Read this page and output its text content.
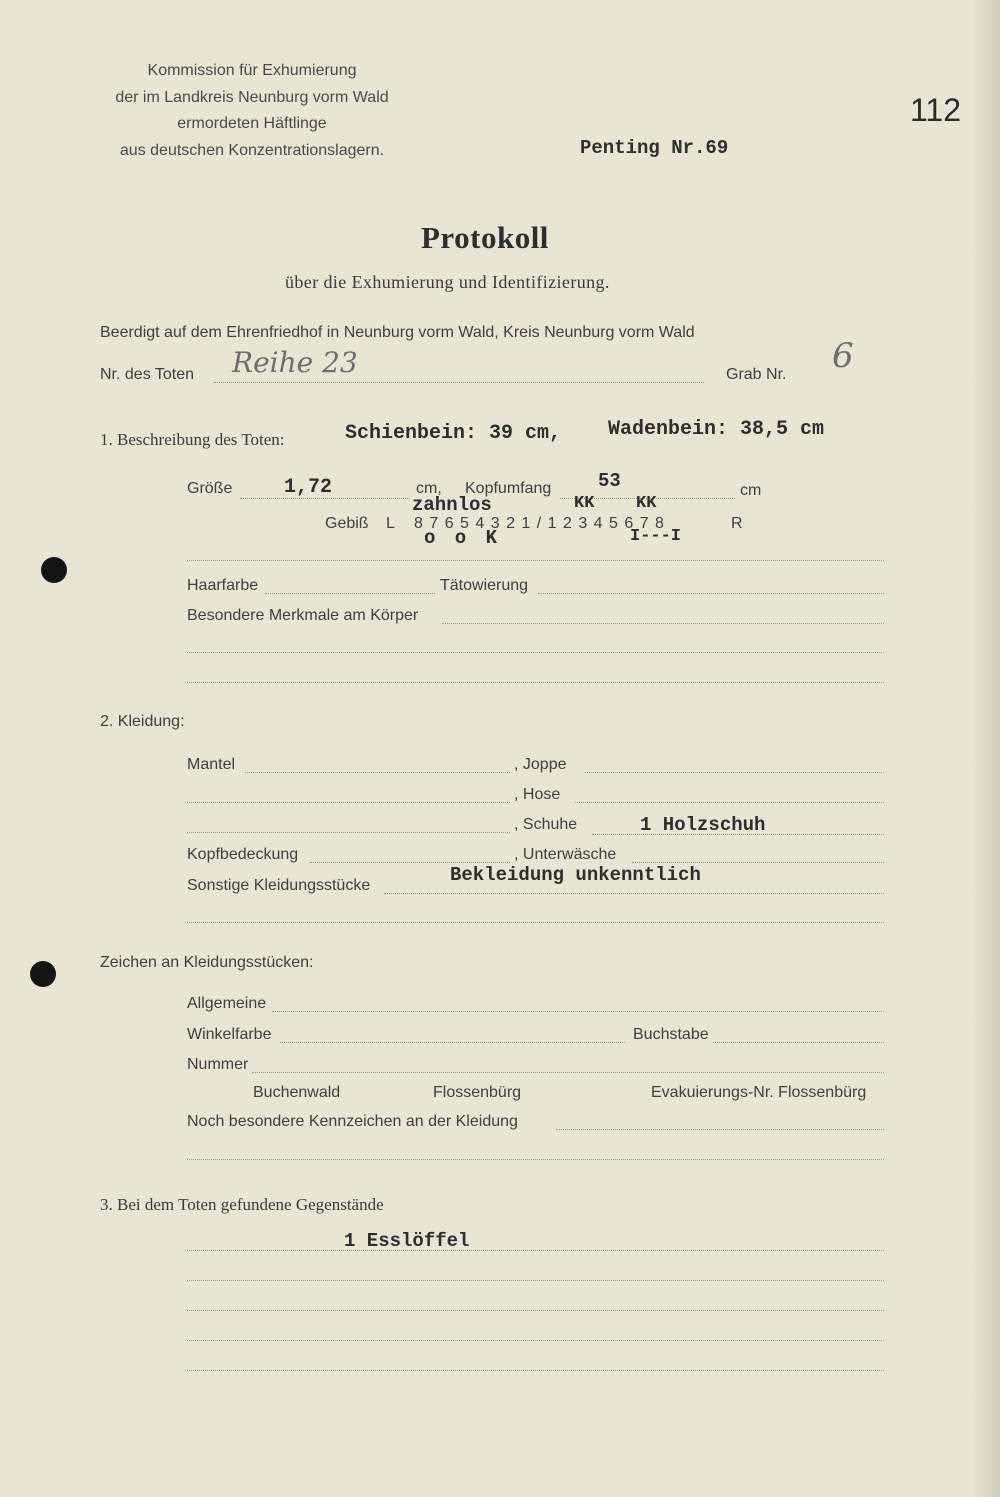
Kommission für Exhumierung
der im Landkreis Neunburg vorm Wald
ermordeten Häftlinge
aus deutschen Konzentrationslagern.
112
Penting Nr.69
Protokoll
über die Exhumierung und Identifizierung.
Beerdigt auf dem Ehrenfriedhof in Neunburg vorm Wald, Kreis Neunburg vorm Wald
Nr. des Toten Reihe 23	Grab Nr. 6
1. Beschreibung des Toten:	Schienbein: 39 cm, Wadenbein: 38,5 cm
Größe	1,72	cm, Kopfumfang 53	cm
zahnlos	KK KK
Gebiß L 8 7 6 5 4 3 2 1 / 1 2 3 4 5 6 7 8	R
o o K	I---I
Haarfarbe	Tätowierung
Besondere Merkmale am Körper
2. Kleidung:
Mantel	, Joppe
, Hose
, Schuhe	1 Holzschuh
Kopfbedeckung	, Unterwäsche
Sonstige Kleidungsstücke	Bekleidung unkenntlich
Zeichen an Kleidungsstücken:
Allgemeine
Winkelfarbe	Buchstabe
Nummer
Buchenwald	Flossenbürg	Evakuierungs-Nr. Flossenbürg
Noch besondere Kennzeichen an der Kleidung
3. Bei dem Toten gefundene Gegenstände
1 Esslöffel
